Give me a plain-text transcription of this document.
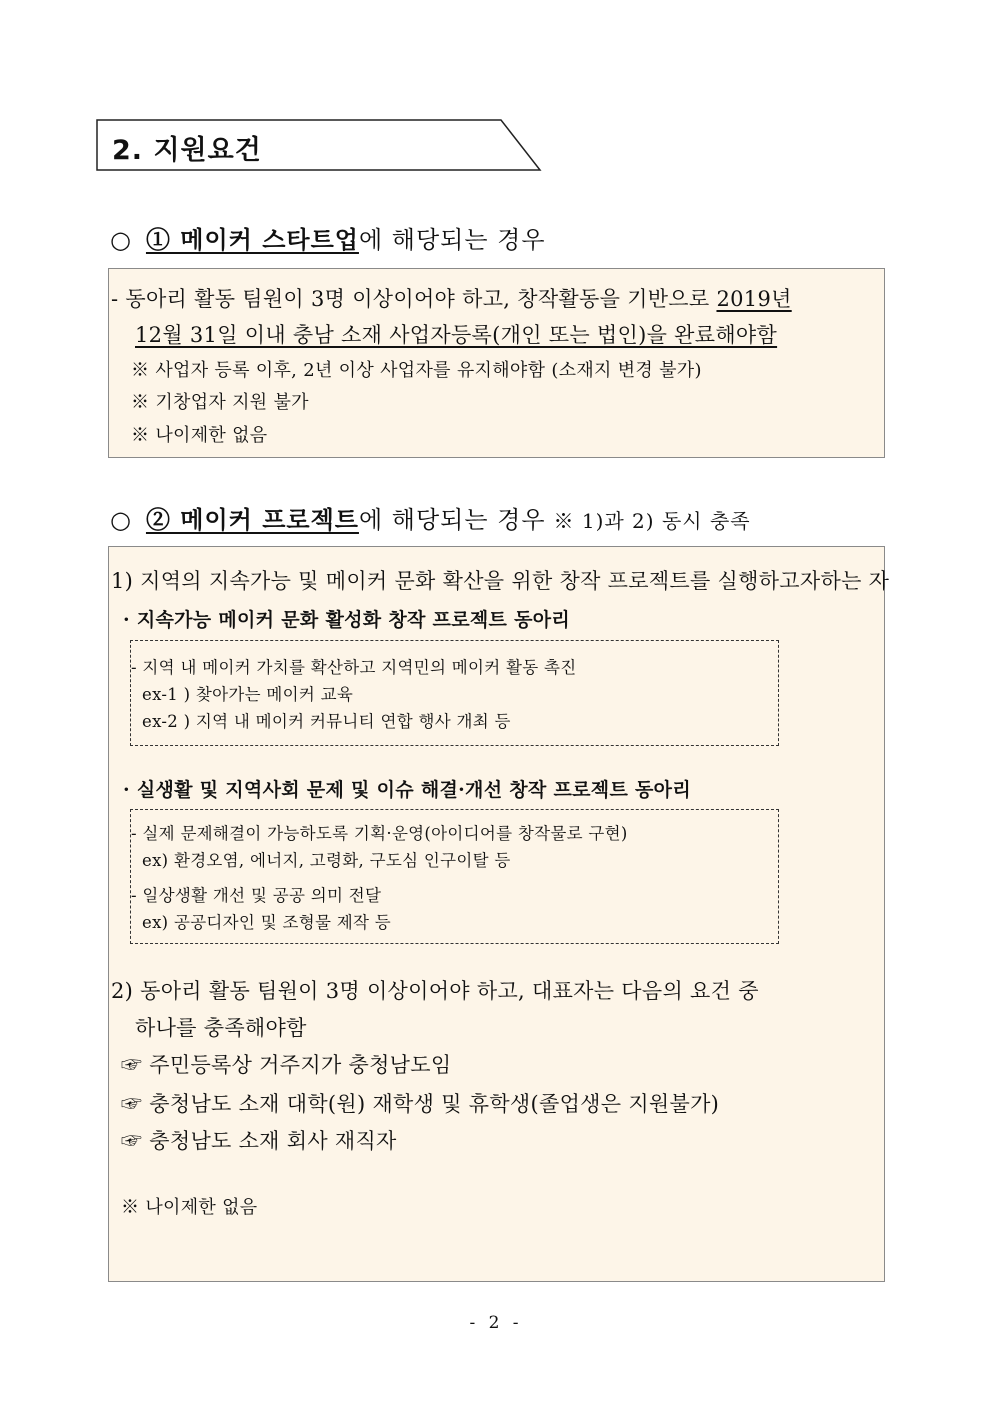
2. 지원요건
○ ① 메이커 스타트업에 해당되는 경우
- 동아리 활동 팀원이 3명 이상이어야 하고, 창작활동을 기반으로 2019년
12월 31일 이내 충남 소재 사업자등록(개인 또는 법인)을 완료해야함
※ 사업자 등록 이후, 2년 이상 사업자를 유지해야함 (소재지 변경 불가)
※ 기창업자 지원 불가
※ 나이제한 없음
○ ② 메이커 프로젝트에 해당되는 경우 ※ 1)과 2) 동시 충족
1) 지역의 지속가능 및 메이커 문화 확산을 위한 창작 프로젝트를 실행하고자하는 자
· 지속가능 메이커 문화 활성화 창작 프로젝트 동아리
- 지역 내 메이커 가치를 확산하고 지역민의 메이커 활동 촉진
ex-1 ) 찾아가는 메이커 교육
ex-2 ) 지역 내 메이커 커뮤니티 연합 행사 개최 등
· 실생활 및 지역사회 문제 및 이슈 해결·개선 창작 프로젝트 동아리
- 실제 문제해결이 가능하도록 기획·운영(아이디어를 창작물로 구현)
ex) 환경오염, 에너지, 고령화, 구도심 인구이탈 등
- 일상생활 개선 및 공공 의미 전달
ex) 공공디자인 및 조형물 제작 등
2) 동아리 활동 팀원이 3명 이상이어야 하고, 대표자는 다음의 요건 중
하나를 충족해야함
☞ 주민등록상 거주지가 충청남도임
☞ 충청남도 소재 대학(원) 재학생 및 휴학생(졸업생은 지원불가)
☞ 충청남도 소재 회사 재직자
※ 나이제한 없음
- 2 -
